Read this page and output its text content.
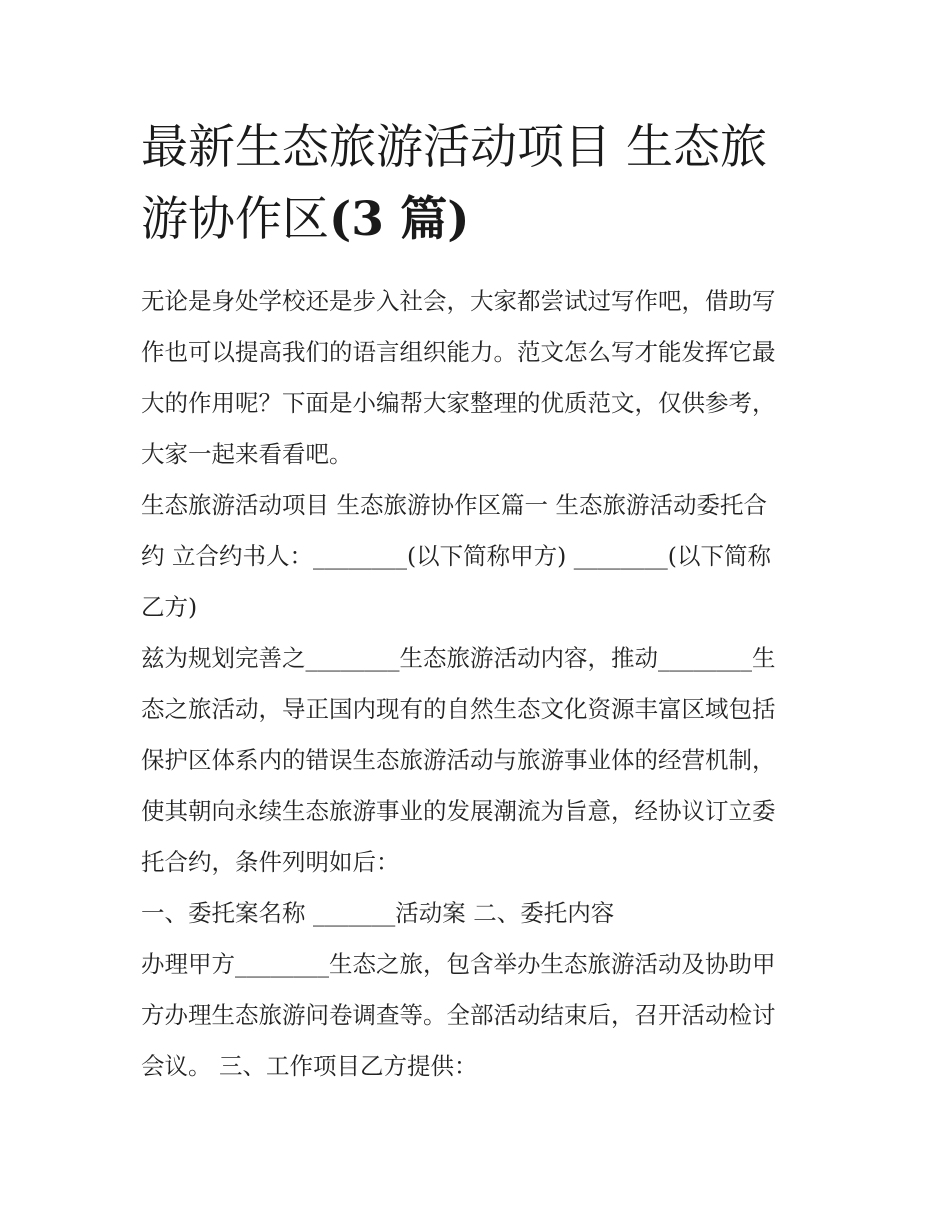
最新生态旅游活动项目 生态旅
游协作区(3 篇)

无论是身处学校还是步入社会，大家都尝试过写作吧，借助写
作也可以提高我们的语言组织能力。范文怎么写才能发挥它最
大的作用呢？下面是小编帮大家整理的优质范文，仅供参考，
大家一起来看看吧。
生态旅游活动项目 生态旅游协作区篇一 生态旅游活动委托合
约 立合约书人：________(以下简称甲方) ________(以下简称
乙方)
兹为规划完善之________生态旅游活动内容，推动________生
态之旅活动，导正国内现有的自然生态文化资源丰富区域包括
保护区体系内的错误生态旅游活动与旅游事业体的经营机制，
使其朝向永续生态旅游事业的发展潮流为旨意，经协议订立委
托合约，条件列明如后：
一、委托案名称 _______活动案 二、委托内容
办理甲方________生态之旅，包含举办生态旅游活动及协助甲
方办理生态旅游问卷调查等。全部活动结束后，召开活动检讨
会议。 三、工作项目乙方提供：
